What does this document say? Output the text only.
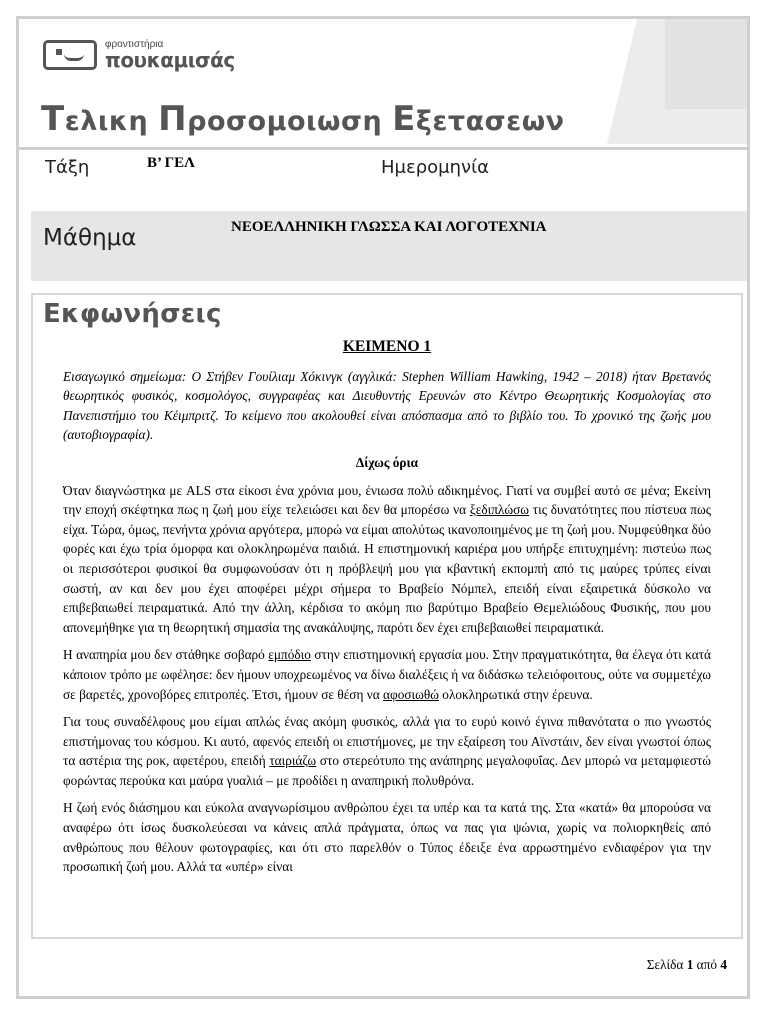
φροντιστήρια
πουκαμισάς
Τελικη Προσομοιωση Εξετασεων
Τάξη	Β’ ΓΕΛ	Ημερομηνία
Μάθημα	ΝΕΟΕΛΛΗΝΙΚΗ ΓΛΩΣΣΑ ΚΑΙ ΛΟΓΟΤΕΧΝΙΑ
Εκφωνήσεις
ΚΕΙΜΕΝΟ 1

Εισαγωγικό σημείωμα: Ο Στήβεν Γουίλιαμ Χόκινγκ (αγγλικά: Stephen William Hawking, 1942 – 2018) ήταν Βρετανός θεωρητικός φυσικός, κοσμολόγος, συγγραφέας και Διευθυντής Ερευνών στο Κέντρο Θεωρητικής Κοσμολογίας στο Πανεπιστήμιο του Κέιμπριτζ. Το κείμενο που ακολουθεί είναι απόσπασμα από το βιβλίο του. Το χρονικό της ζωής μου (αυτοβιογραφία).

Δίχως όρια

Όταν διαγνώστηκα με ALS στα είκοσι ένα χρόνια μου, ένιωσα πολύ αδικημένος. Γιατί να συμβεί αυτό σε μένα; Εκείνη την εποχή σκέφτηκα πως η ζωή μου είχε τελειώσει και δεν θα μπορέσω να ξεδιπλώσω τις δυνατότητες που πίστευα πως είχα. Τώρα, όμως, πενήντα χρόνια αργότερα, μπορώ να είμαι απολύτως ικανοποιημένος με τη ζωή μου. Νυμφεύθηκα δύο φορές και έχω τρία όμορφα και ολοκληρωμένα παιδιά. Η επιστημονική καριέρα μου υπήρξε επιτυχημένη: πιστεύω πως οι περισσότεροι φυσικοί θα συμφωνούσαν ότι η πρόβλεψή μου για κβαντική εκπομπή από τις μαύρες τρύπες είναι σωστή, αν και δεν μου έχει αποφέρει μέχρι σήμερα το Βραβείο Νόμπελ, επειδή είναι εξαιρετικά δύσκολο να επιβεβαιωθεί πειραματικά. Από την άλλη, κέρδισα το ακόμη πιο βαρύτιμο Βραβείο Θεμελιώδους Φυσικής, που μου απονεμήθηκε για τη θεωρητική σημασία της ανακάλυψης, παρότι δεν έχει επιβεβαιωθεί πειραματικά.

Η αναπηρία μου δεν στάθηκε σοβαρό εμπόδιο στην επιστημονική εργασία μου. Στην πραγματικότητα, θα έλεγα ότι κατά κάποιον τρόπο με ωφέλησε: δεν ήμουν υποχρεωμένος να δίνω διαλέξεις ή να διδάσκω τελειόφοιτους, ούτε να συμμετέχω σε βαρετές, χρονοβόρες επιτροπές. Έτσι, ήμουν σε θέση να αφοσιωθώ ολοκληρωτικά στην έρευνα.

Για τους συναδέλφους μου είμαι απλώς ένας ακόμη φυσικός, αλλά για το ευρύ κοινό έγινα πιθανότατα ο πιο γνωστός επιστήμονας του κόσμου. Κι αυτό, αφενός επειδή οι επιστήμονες, με την εξαίρεση του Αϊνστάιν, δεν είναι γνωστοί όπως τα αστέρια της ροκ, αφετέρου, επειδή ταιριάζω στο στερεότυπο της ανάπηρης μεγαλοφυΐας. Δεν μπορώ να μεταμφιεστώ φορώντας περούκα και μαύρα γυαλιά – με προδίδει η αναπηρική πολυθρόνα.

Η ζωή ενός διάσημου και εύκολα αναγνωρίσιμου ανθρώπου έχει τα υπέρ και τα κατά της. Στα «κατά» θα μπορούσα να αναφέρω ότι ίσως δυσκολεύεσαι να κάνεις απλά πράγματα, όπως να πας για ψώνια, χωρίς να πολιορκηθείς από ανθρώπους που θέλουν φωτογραφίες, και ότι στο παρελθόν ο Τύπος έδειξε ένα αρρωστημένο ενδιαφέρον για την προσωπική ζωή μου. Αλλά τα «υπέρ» είναι

Σελίδα 1 από 4
